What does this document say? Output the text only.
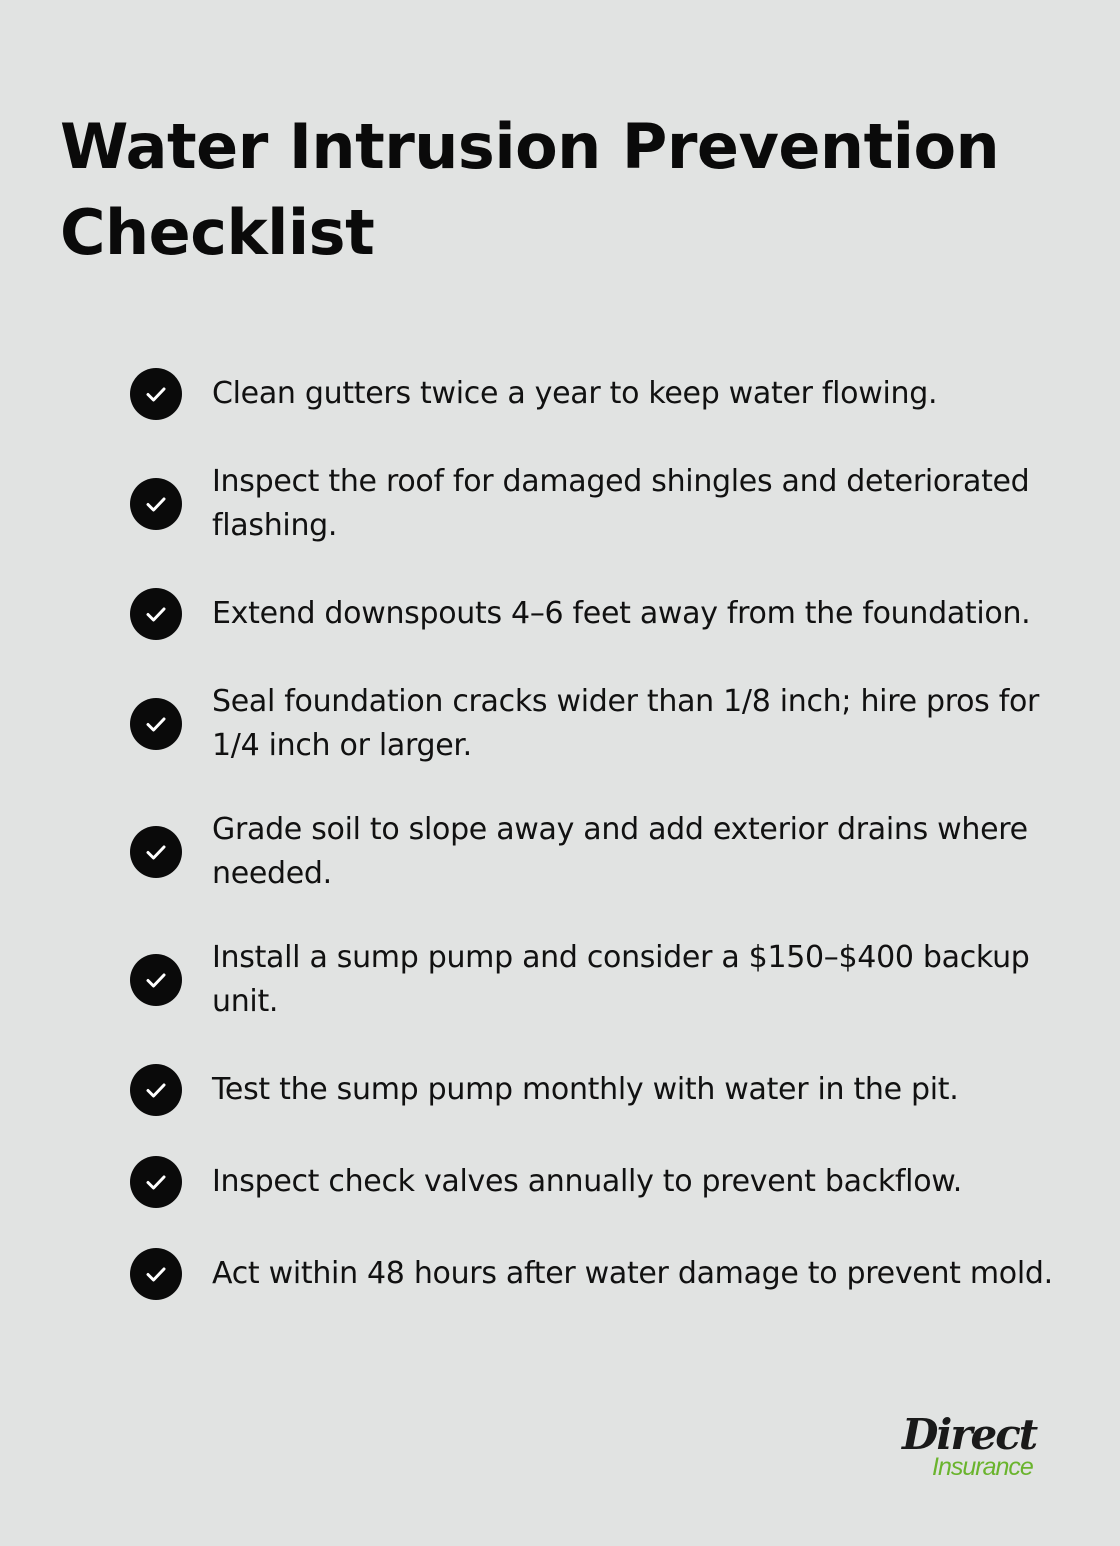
Water Intrusion Prevention Checklist
Clean gutters twice a year to keep water flowing.
Inspect the roof for damaged shingles and deteriorated flashing.
Extend downspouts 4–6 feet away from the foundation.
Seal foundation cracks wider than 1/8 inch; hire pros for 1/4 inch or larger.
Grade soil to slope away and add exterior drains where needed.
Install a sump pump and consider a $150–$400 backup unit.
Test the sump pump monthly with water in the pit.
Inspect check valves annually to prevent backflow.
Act within 48 hours after water damage to prevent mold.
Direct
Insurance
